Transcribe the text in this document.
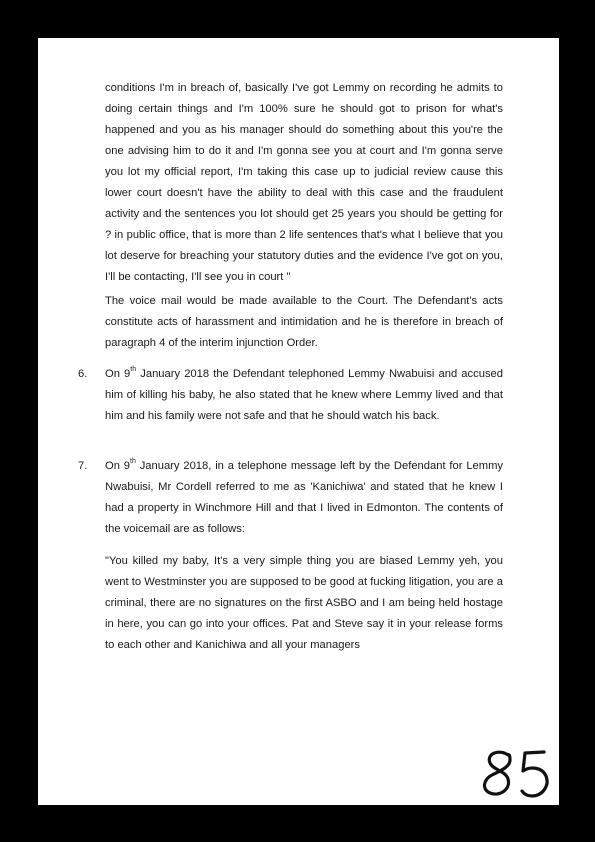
conditions I'm in breach of, basically I've got Lemmy on recording he admits to doing certain things and I'm 100% sure he should got to prison for what's happened and you as his manager should do something about this you're the one advising him to do it and I'm gonna see you at court and I'm gonna serve you lot my official report, I'm taking this case up to judicial review cause this lower court doesn't have the ability to deal with this case and the fraudulent activity and the sentences you lot should get 25 years you should be getting for ? in public office, that is more than 2 life sentences that's what I believe that you lot deserve for breaching your statutory duties and the evidence I've got on you, I'll be contacting, I'll see you in court "
The voice mail would be made available to the Court. The Defendant's acts constitute acts of harassment and intimidation and he is therefore in breach of paragraph 4 of the interim injunction Order.
6. On 9th January 2018 the Defendant telephoned Lemmy Nwabuisi and accused him of killing his baby, he also stated that he knew where Lemmy lived and that him and his family were not safe and that he should watch his back.
7. On 9th January 2018, in a telephone message left by the Defendant for Lemmy Nwabuisi, Mr Cordell referred to me as 'Kanichiwa' and stated that he knew I had a property in Winchmore Hill and that I lived in Edmonton. The contents of the voicemail are as follows:
"You killed my baby, It's a very simple thing you are biased Lemmy yeh, you went to Westminster you are supposed to be good at fucking litigation, you are a criminal, there are no signatures on the first ASBO and I am being held hostage in here, you can go into your offices. Pat and Steve say it in your release forms to each other and Kanichiwa and all your managers
